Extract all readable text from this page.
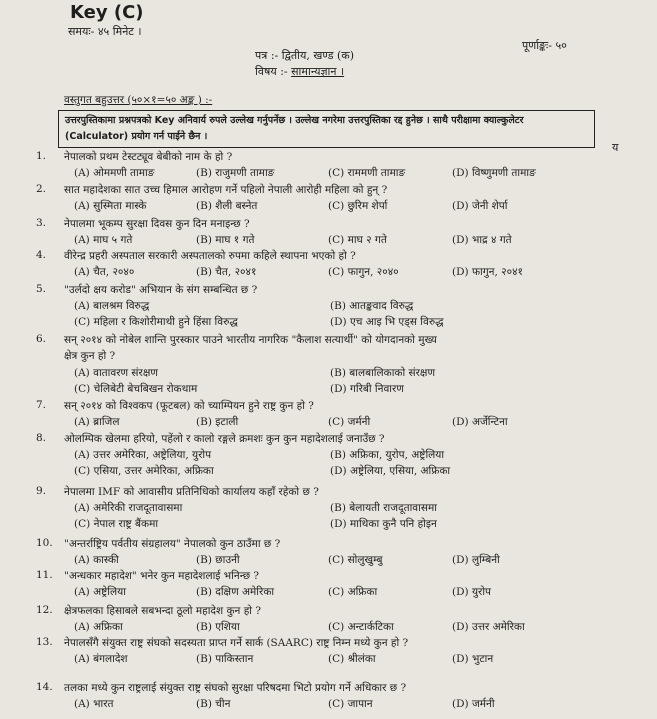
Key (C)
समयः- ४५ मिनेट ।
पूर्णाङ्कः- ५०
पत्र :- द्वितीय, खण्ड (क)
विषय :- सामान्यज्ञान ।
वस्तुगत बहुउत्तर (५०×१=५० अङ्क ) :-
उत्तरपुस्तिकामा प्रश्नपत्रको Key अनिवार्य रुपले उल्लेख गर्नुपर्नेछ । उल्लेख नगरेमा उत्तरपुस्तिका रद्द हुनेछ । साथै परीक्षामा क्याल्कुलेटर (Calculator) प्रयोग गर्न पाईने छैन ।
य
1. नेपालको प्रथम टेस्टट्यूव बेबीको नाम के हो ?
(A) ओममणी तामाङ	(B) राजुमणी तामाङ	(C) राममणी तामाङ	(D) विष्णुमणी तामाङ
2. सात महादेशका सात उच्च हिमाल आरोहण गर्ने पहिलो नेपाली आरोही महिला को हुन् ?
(A) सुस्मिता मास्के	(B) शैली बस्नेत	(C) छुरिम शेर्पा	(D) जेनी शेर्पा
3. नेपालमा भूकम्प सुरक्षा दिवस कुन दिन मनाइन्छ ?
(A) माघ ५ गते	(B) माघ १ गते	(C) माघ २ गते	(D) भाद्र ४ गते
4. वीरेन्द्र प्रहरी अस्पताल सरकारी अस्पतालको रुपमा कहिले स्थापना भएको हो ?
(A) चैत, २०४०	(B) चैत, २०४१	(C) फागुन, २०४०	(D) फागुन, २०४१
5. "उर्लदो क्षय करोड" अभियान के संग सम्बन्धित छ ?
(A) बालश्रम विरुद्ध	(B) आतङ्कवाद विरुद्ध
(C) महिला र किशोरीमाथी हुने हिंसा विरुद्ध	(D) एच आइ भि एड्स विरुद्ध
6. सन् २०१४ को नोबेल शान्ति पुरस्कार पाउने भारतीय नागरिक "कैलाश सत्यार्थी" को योगदानको मुख्य
क्षेत्र कुन हो ?
(A) वातावरण संरक्षण	(B) बालबालिकाको संरक्षण
(C) चेलिबेटी बेचबिखन रोकथाम	(D) गरिबी निवारण
7. सन् २०१४ को विश्वकप (फूटबल) को च्याम्पियन हुने राष्ट्र कुन हो ?
(A) ब्राजिल	(B) इटाली	(C) जर्मनी	(D) अर्जेन्टिना
8. ओलम्पिक खेलमा हरियो, पहेंलो र कालो रङ्गले क्रमशः कुन कुन महादेशलाई जनाउँछ ?
(A) उत्तर अमेरिका, अष्ट्रेलिया, युरोप	(B) अफ्रिका, युरोप, अष्ट्रेलिया
(C) एसिया, उत्तर अमेरिका, अफ्रिका	(D) अष्ट्रेलिया, एसिया, अफ्रिका
9. नेपालमा IMF को आवासीय प्रतिनिधिको कार्यालय कहाँ रहेको छ ?
(A) अमेरिकी राजदूतावासमा	(B) बेलायती राजदूतावासमा
(C) नेपाल राष्ट्र बैंकमा	(D) माथिका कुनै पनि होइन
10. "अन्तर्राष्ट्रिय पर्वतीय संग्रहालय" नेपालको कुन ठाउँमा छ ?
(A) कास्की	(B) छाउनी	(C) सोलुखुम्बु	(D) लुम्बिनी
11. "अन्धकार महादेश" भनेर कुन महादेशलाई भनिन्छ ?
(A) अष्ट्रेलिया	(B) दक्षिण अमेरिका	(C) अफ्रिका	(D) युरोप
12. क्षेत्रफलका हिसाबले सबभन्दा ठूलो महादेश कुन हो ?
(A) अफ्रिका	(B) एशिया	(C) अन्टार्कटिका	(D) उत्तर अमेरिका
13. नेपालसँगै संयुक्त राष्ट्र संघको सदस्यता प्राप्त गर्ने सार्क (SAARC) राष्ट्र निम्न मध्ये कुन हो ?
(A) बंगलादेश	(B) पाकिस्तान	(C) श्रीलंका	(D) भुटान
14. तलका मध्ये कुन राष्ट्रलाई संयुक्त राष्ट्र संघको सुरक्षा परिषदमा भिटो प्रयोग गर्ने अधिकार छ ?
(A) भारत	(B) चीन	(C) जापान	(D) जर्मनी
